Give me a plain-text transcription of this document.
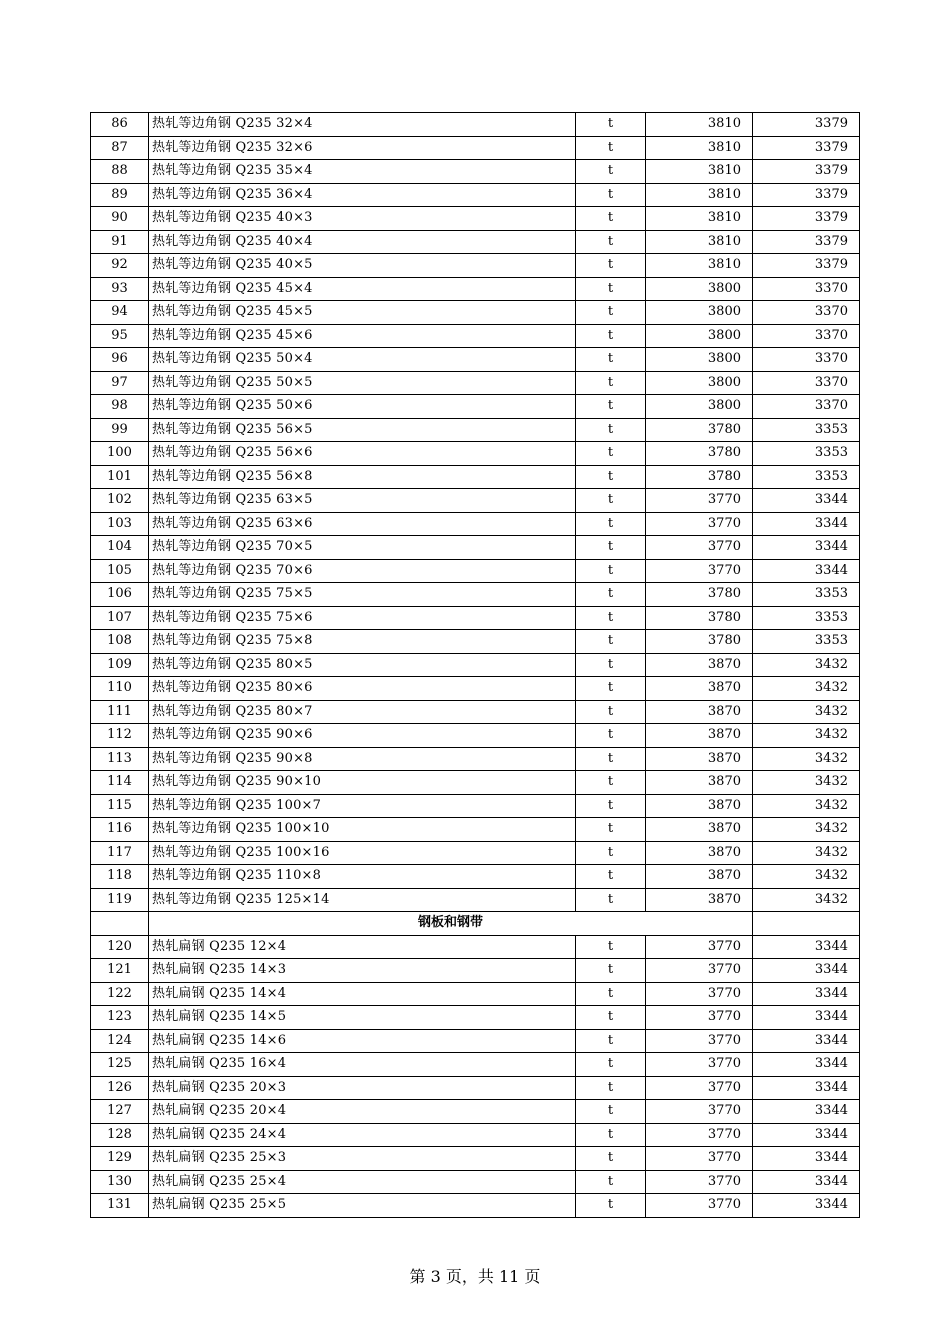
86	热轧等边角钢 Q235 32×4	t	3810	3379
87	热轧等边角钢 Q235 32×6	t	3810	3379
88	热轧等边角钢 Q235 35×4	t	3810	3379
89	热轧等边角钢 Q235 36×4	t	3810	3379
90	热轧等边角钢 Q235 40×3	t	3810	3379
91	热轧等边角钢 Q235 40×4	t	3810	3379
92	热轧等边角钢 Q235 40×5	t	3810	3379
93	热轧等边角钢 Q235 45×4	t	3800	3370
94	热轧等边角钢 Q235 45×5	t	3800	3370
95	热轧等边角钢 Q235 45×6	t	3800	3370
96	热轧等边角钢 Q235 50×4	t	3800	3370
97	热轧等边角钢 Q235 50×5	t	3800	3370
98	热轧等边角钢 Q235 50×6	t	3800	3370
99	热轧等边角钢 Q235 56×5	t	3780	3353
100	热轧等边角钢 Q235 56×6	t	3780	3353
101	热轧等边角钢 Q235 56×8	t	3780	3353
102	热轧等边角钢 Q235 63×5	t	3770	3344
103	热轧等边角钢 Q235 63×6	t	3770	3344
104	热轧等边角钢 Q235 70×5	t	3770	3344
105	热轧等边角钢 Q235 70×6	t	3770	3344
106	热轧等边角钢 Q235 75×5	t	3780	3353
107	热轧等边角钢 Q235 75×6	t	3780	3353
108	热轧等边角钢 Q235 75×8	t	3780	3353
109	热轧等边角钢 Q235 80×5	t	3870	3432
110	热轧等边角钢 Q235 80×6	t	3870	3432
111	热轧等边角钢 Q235 80×7	t	3870	3432
112	热轧等边角钢 Q235 90×6	t	3870	3432
113	热轧等边角钢 Q235 90×8	t	3870	3432
114	热轧等边角钢 Q235 90×10	t	3870	3432
115	热轧等边角钢 Q235 100×7	t	3870	3432
116	热轧等边角钢 Q235 100×10	t	3870	3432
117	热轧等边角钢 Q235 100×16	t	3870	3432
118	热轧等边角钢 Q235 110×8	t	3870	3432
119	热轧等边角钢 Q235 125×14	t	3870	3432
	钢板和钢带			
120	热轧扁钢 Q235 12×4	t	3770	3344
121	热轧扁钢 Q235 14×3	t	3770	3344
122	热轧扁钢 Q235 14×4	t	3770	3344
123	热轧扁钢 Q235 14×5	t	3770	3344
124	热轧扁钢 Q235 14×6	t	3770	3344
125	热轧扁钢 Q235 16×4	t	3770	3344
126	热轧扁钢 Q235 20×3	t	3770	3344
127	热轧扁钢 Q235 20×4	t	3770	3344
128	热轧扁钢 Q235 24×4	t	3770	3344
129	热轧扁钢 Q235 25×3	t	3770	3344
130	热轧扁钢 Q235 25×4	t	3770	3344
131	热轧扁钢 Q235 25×5	t	3770	3344
第 3 页，共 11 页
